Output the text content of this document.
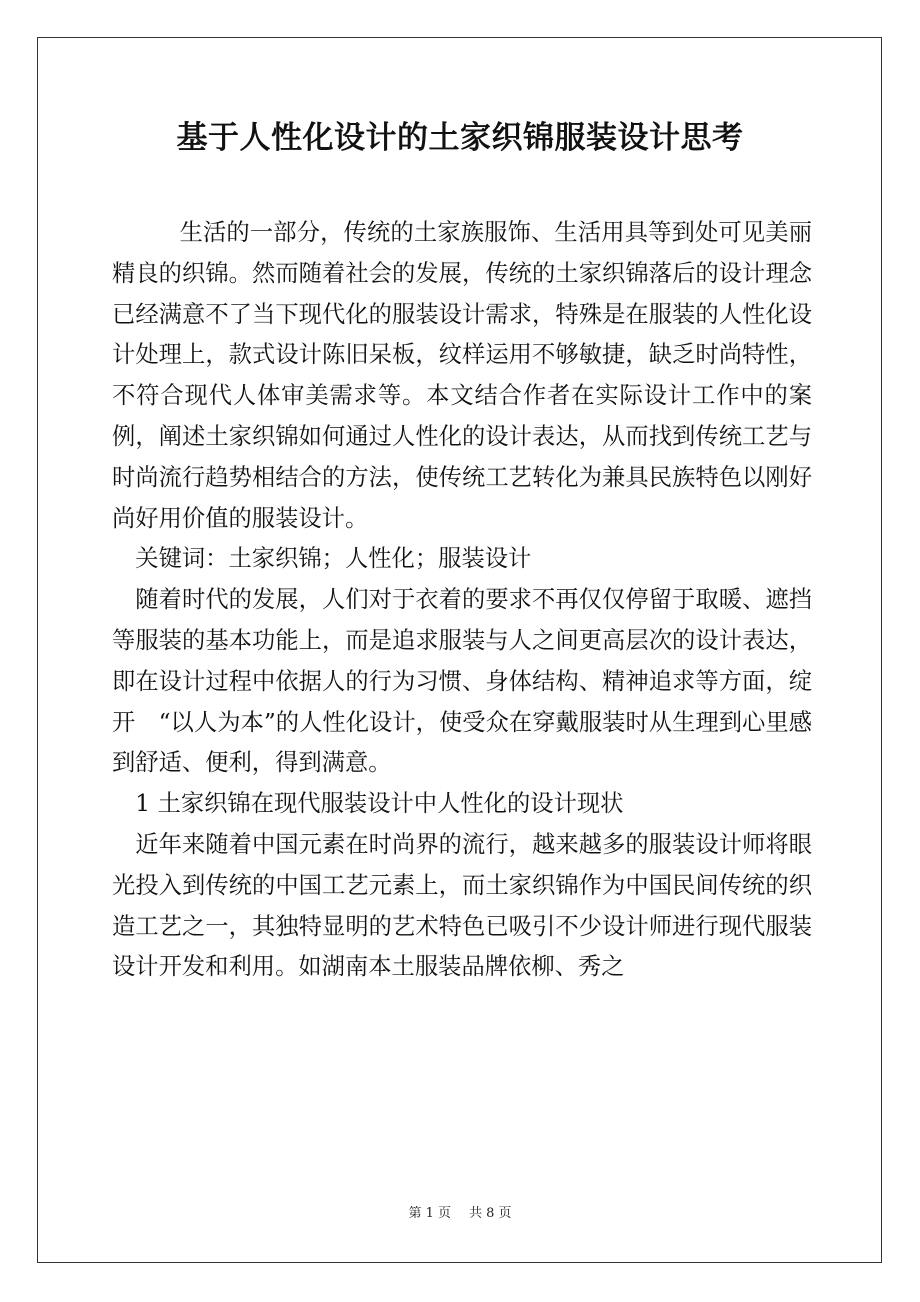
基于人性化设计的土家织锦服装设计思考

生活的一部分，传统的土家族服饰、生活用具等到处可见美丽精良的织锦。然而随着社会的发展，传统的土家织锦落后的设计理念已经满意不了当下现代化的服装设计需求，特殊是在服装的人性化设计处理上，款式设计陈旧呆板，纹样运用不够敏捷，缺乏时尚特性，不符合现代人体审美需求等。本文结合作者在实际设计工作中的案例，阐述土家织锦如何通过人性化的设计表达，从而找到传统工艺与时尚流行趋势相结合的方法，使传统工艺转化为兼具民族特色以刚好尚好用价值的服装设计。

关键词：土家织锦；人性化；服装设计

随着时代的发展，人们对于衣着的要求不再仅仅停留于取暖、遮挡等服装的基本功能上，而是追求服装与人之间更高层次的设计表达，即在设计过程中依据人的行为习惯、身体结构、精神追求等方面，绽开　“以人为本”的人性化设计，使受众在穿戴服装时从生理到心里感到舒适、便利，得到满意。

1 土家织锦在现代服装设计中人性化的设计现状

近年来随着中国元素在时尚界的流行，越来越多的服装设计师将眼光投入到传统的中国工艺元素上，而土家织锦作为中国民间传统的织造工艺之一，其独特显明的艺术特色已吸引不少设计师进行现代服装设计开发和利用。如湖南本土服装品牌依柳、秀之

第 1 页 共 8 页
